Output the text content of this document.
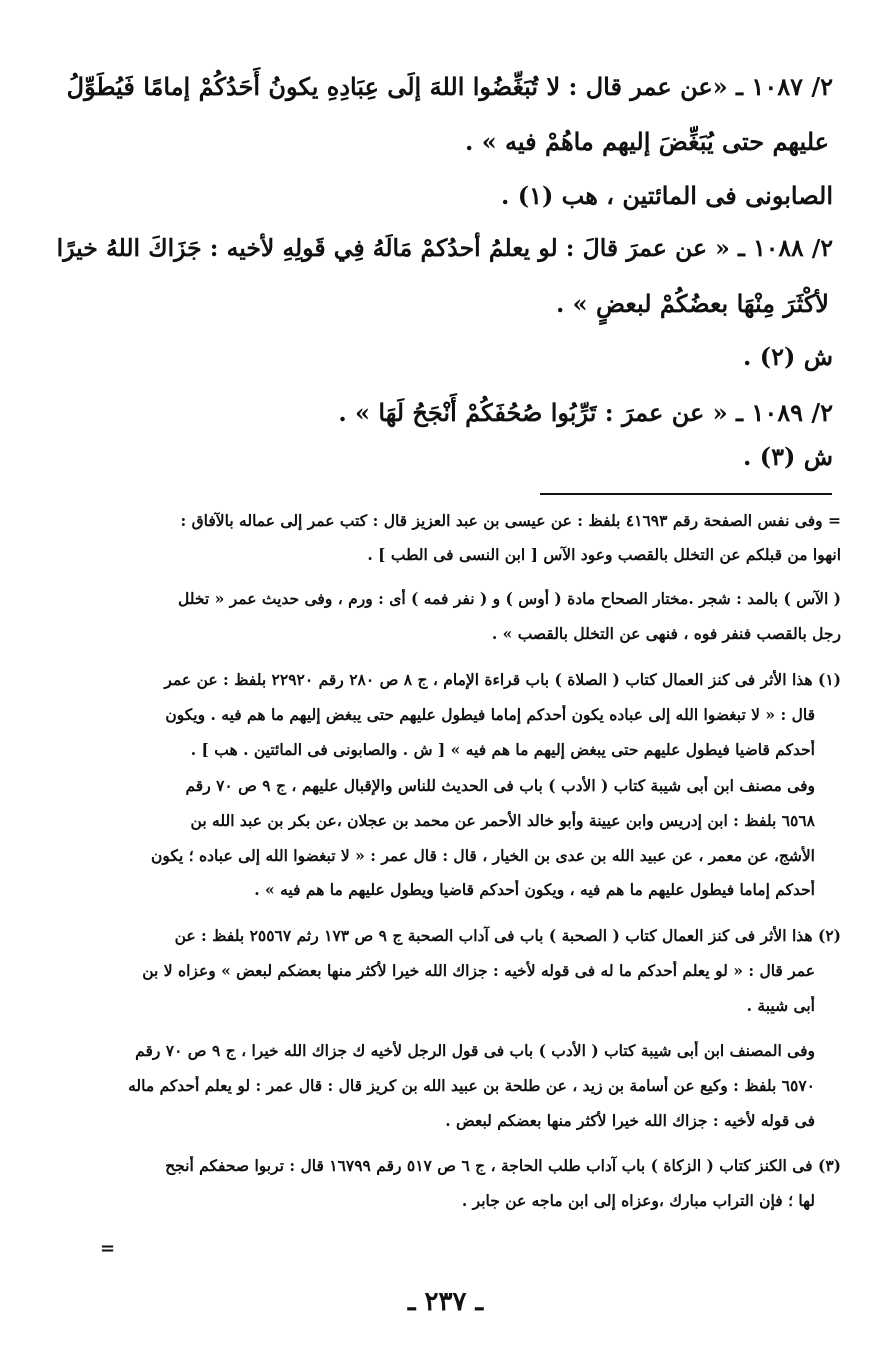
٢/ ١٠٨٧ ـ «عن عمر قال : لا تُبَغِّضُوا اللهَ إلَى عِبَادِهِ يكونُ أَحَدُكُمْ إمامًا فَيُطَوِّلُ
عليهم حتى يُبَغِّضَ إليهم ماهُمْ فيه » .
الصابونى فى المائتين ، هب (١) .
٢/ ١٠٨٨ ـ « عن عمرَ قالَ : لو يعلمُ أحدُكمْ مَالَهُ فِي قَولِهِ لأخيه : جَزَاكَ اللهُ خيرًا
لأكْثَرَ مِنْهَا بعضُكُمْ لبعضٍ » .
ش (٢) .
٢/ ١٠٨٩ ـ « عن عمرَ : تَرِّبُوا صُحُفَكُمْ أَنْجَحُ لَهَا » .
ش (٣) .
= وفى نفس الصفحة رقم ٤١٦٩٣ بلفظ : عن عيسى بن عبد العزيز قال : كتب عمر إلى عماله بالآفاق :
انهوا من قبلكم عن التخلل بالقصب وعود الآس [ ابن النسى فى الطب ] .
( الآس ) بالمد : شجر .مختار الصحاح مادة ( أوس ) و ( نفر فمه ) أى : ورم ، وفى حديث عمر « تخلل
رجل بالقصب فنفر فوه ، فنهى عن التخلل بالقصب » .
(١) هذا الأثر فى كنز العمال كتاب ( الصلاة ) باب قراءة الإمام ، ج ٨ ص ٢٨٠ رقم ٢٢٩٢٠ بلفظ : عن عمر
قال : « لا تبغضوا الله إلى عباده يكون أحدكم إماما فيطول عليهم حتى يبغض إليهم ما هم فيه . ويكون
أحدكم قاضيا فيطول عليهم حتى يبغض إليهم ما هم فيه » [ ش . والصابونى فى المائتين . هب ] .
وفى مصنف ابن أبى شيبة كتاب ( الأدب ) باب فى الحديث للناس والإقبال عليهم ، ج ٩ ص ٧٠ رقم
٦٥٦٨ بلفظ : ابن إدريس وابن عيينة وأبو خالد الأحمر عن محمد بن عجلان ،عن بكر بن عبد الله بن
الأشج، عن معمر ، عن عبيد الله بن عدى بن الخيار ، قال : قال عمر : « لا تبغضوا الله إلى عباده ؛ يكون
أحدكم إماما فيطول عليهم ما هم فيه ، ويكون أحدكم قاضيا ويطول عليهم ما هم فيه » .
(٢) هذا الأثر فى كنز العمال كتاب ( الصحبة ) باب فى آداب الصحبة ج ٩ ص ١٧٣ رثم ٢٥٥٦٧ بلفظ : عن
عمر قال : « لو يعلم أحدكم ما له فى قوله لأخيه : جزاك الله خيرا لأكثر منها بعضكم لبعض » وعزاه لا بن
أبى شيبة .
وفى المصنف ابن أبى شيبة كتاب ( الأدب ) باب فى قول الرجل لأخيه ك جزاك الله خيرا ، ج ٩ ص ٧٠ رقم
٦٥٧٠ بلفظ : وكيع عن أسامة بن زيد ، عن طلحة بن عبيد الله بن كريز قال : قال عمر : لو يعلم أحدكم ماله
فى قوله لأخيه : جزاك الله خيرا لأكثر منها بعضكم لبعض .
(٣) فى الكنز كتاب ( الزكاة ) باب آداب طلب الحاجة ، ج ٦ ص ٥١٧ رقم ١٦٧٩٩ قال : تربوا صحفكم أنجح
لها ؛ فإن التراب مبارك ،وعزاه إلى ابن ماجه عن جابر .
=
ـ ٢٣٧ ـ
